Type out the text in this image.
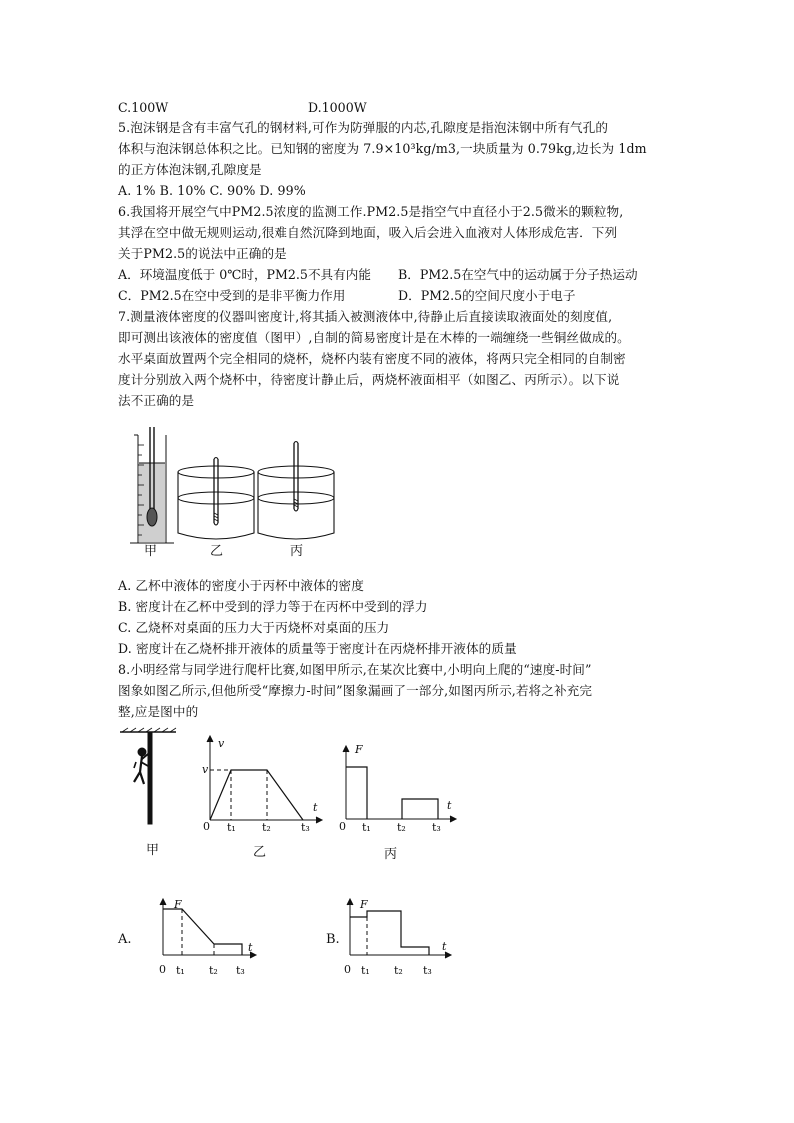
C.100W	D.1000W
5.泡沫钢是含有丰富气孔的钢材料,可作为防弹服的内芯,孔隙度是指泡沫钢中所有气孔的
体积与泡沫钢总体积之比。已知钢的密度为 7.9×10³kg/m3,一块质量为 0.79kg,边长为 1dm
的正方体泡沫钢,孔隙度是
A. 1% B. 10% C. 90% D. 99%
6.我国将开展空气中PM2.5浓度的监测工作.PM2.5是指空气中直径小于2.5微米的颗粒物,
其浮在空中做无规则运动,很难自然沉降到地面，吸入后会进入血液对人体形成危害．下列
关于PM2.5的说法中正确的是
A．环境温度低于 0℃时，PM2.5不具有内能 B．PM2.5在空气中的运动属于分子热运动
C．PM2.5在空中受到的是非平衡力作用	D．PM2.5的空间尺度小于电子
7.测量液体密度的仪器叫密度计,将其插入被测液体中,待静止后直接读取液面处的刻度值,
即可测出该液体的密度值（图甲）,自制的简易密度计是在木棒的一端缠绕一些铜丝做成的。
水平桌面放置两个完全相同的烧杯，烧杯内装有密度不同的液体，将两只完全相同的自制密
度计分别放入两个烧杯中，待密度计静止后，两烧杯液面相平（如图乙、丙所示）。以下说
法不正确的是
甲	乙	丙
A. 乙杯中液体的密度小于丙杯中液体的密度
B. 密度计在乙杯中受到的浮力等于在丙杯中受到的浮力
C. 乙烧杯对桌面的压力大于丙烧杯对桌面的压力
D. 密度计在乙烧杯排开液体的质量等于密度计在丙烧杯排开液体的质量
8.小明经常与同学进行爬杆比赛,如图甲所示,在某次比赛中,小明向上爬的“速度-时间”
图象如图乙所示,但他所受“摩擦力-时间”图象漏画了一部分,如图丙所示,若将之补充完
整,应是图中的
甲
v
v
t
0 t₁ t₂	t₃
乙
F
t
0 t₁ t₂ t₃
丙
A.
F
t
0 t₁ t₂ t₃
B.
F
t
0 t₁ t₂ t₃
